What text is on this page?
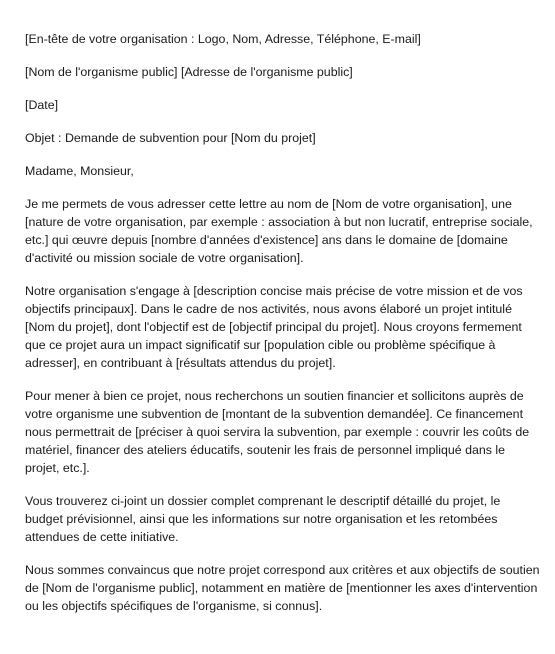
[En-tête de votre organisation : Logo, Nom, Adresse, Téléphone, E-mail]

[Nom de l'organisme public] [Adresse de l'organisme public]

[Date]

Objet : Demande de subvention pour [Nom du projet]

Madame, Monsieur,

Je me permets de vous adresser cette lettre au nom de [Nom de votre organisation], une [nature de votre organisation, par exemple : association à but non lucratif, entreprise sociale, etc.] qui œuvre depuis [nombre d'années d'existence] ans dans le domaine de [domaine d'activité ou mission sociale de votre organisation].

Notre organisation s'engage à [description concise mais précise de votre mission et de vos objectifs principaux]. Dans le cadre de nos activités, nous avons élaboré un projet intitulé [Nom du projet], dont l'objectif est de [objectif principal du projet]. Nous croyons fermement que ce projet aura un impact significatif sur [population cible ou problème spécifique à adresser], en contribuant à [résultats attendus du projet].

Pour mener à bien ce projet, nous recherchons un soutien financier et sollicitons auprès de votre organisme une subvention de [montant de la subvention demandée]. Ce financement nous permettrait de [préciser à quoi servira la subvention, par exemple : couvrir les coûts de matériel, financer des ateliers éducatifs, soutenir les frais de personnel impliqué dans le projet, etc.].

Vous trouverez ci-joint un dossier complet comprenant le descriptif détaillé du projet, le budget prévisionnel, ainsi que les informations sur notre organisation et les retombées attendues de cette initiative.

Nous sommes convaincus que notre projet correspond aux critères et aux objectifs de soutien de [Nom de l'organisme public], notamment en matière de [mentionner les axes d'intervention ou les objectifs spécifiques de l'organisme, si connus].
